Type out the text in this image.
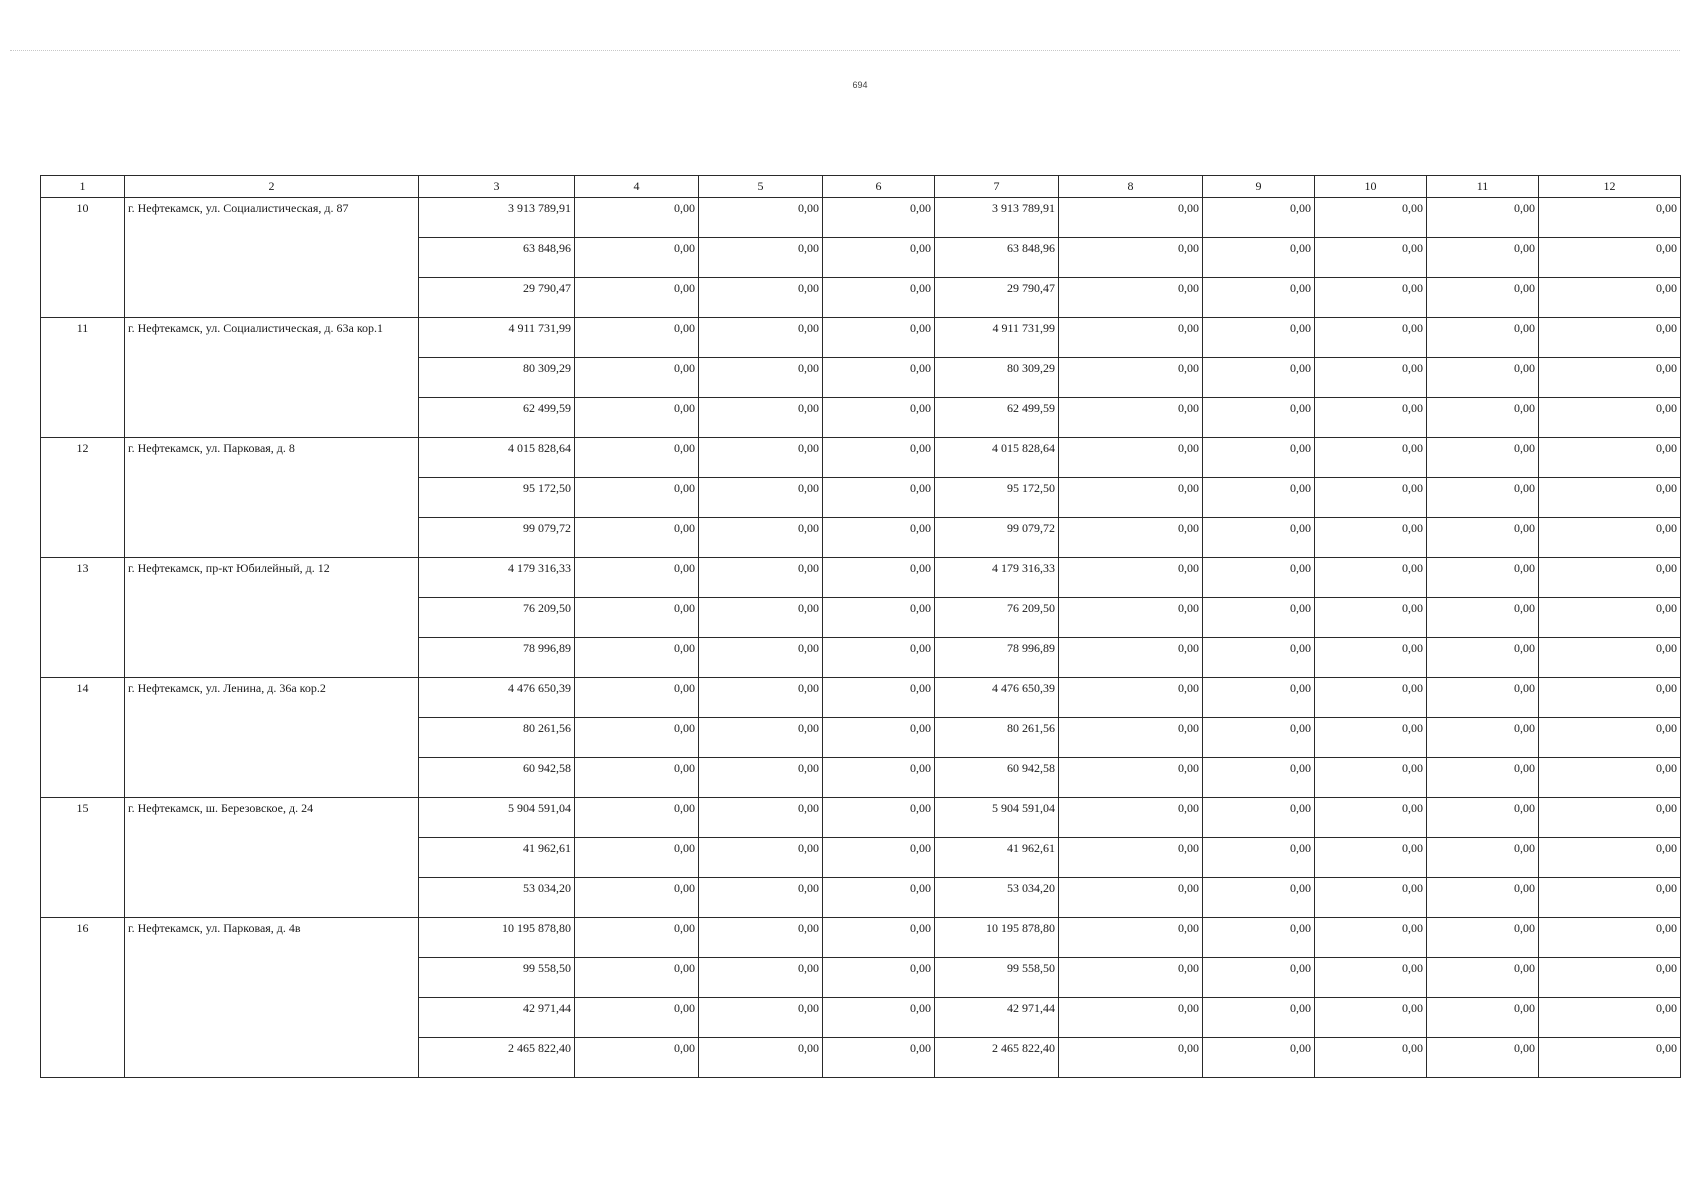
694
1	2	3	4	5	6	7	8	9	10	11	12
10	г. Нефтекамск, ул. Социалистическая, д. 87	3 913 789,91	0,00	0,00	0,00	3 913 789,91	0,00	0,00	0,00	0,00	0,00
		63 848,96	0,00	0,00	0,00	63 848,96	0,00	0,00	0,00	0,00	0,00
		29 790,47	0,00	0,00	0,00	29 790,47	0,00	0,00	0,00	0,00	0,00
11	г. Нефтекамск, ул. Социалистическая, д. 63а кор.1	4 911 731,99	0,00	0,00	0,00	4 911 731,99	0,00	0,00	0,00	0,00	0,00
		80 309,29	0,00	0,00	0,00	80 309,29	0,00	0,00	0,00	0,00	0,00
		62 499,59	0,00	0,00	0,00	62 499,59	0,00	0,00	0,00	0,00	0,00
12	г. Нефтекамск, ул. Парковая, д. 8	4 015 828,64	0,00	0,00	0,00	4 015 828,64	0,00	0,00	0,00	0,00	0,00
		95 172,50	0,00	0,00	0,00	95 172,50	0,00	0,00	0,00	0,00	0,00
		99 079,72	0,00	0,00	0,00	99 079,72	0,00	0,00	0,00	0,00	0,00
13	г. Нефтекамск, пр-кт Юбилейный, д. 12	4 179 316,33	0,00	0,00	0,00	4 179 316,33	0,00	0,00	0,00	0,00	0,00
		76 209,50	0,00	0,00	0,00	76 209,50	0,00	0,00	0,00	0,00	0,00
		78 996,89	0,00	0,00	0,00	78 996,89	0,00	0,00	0,00	0,00	0,00
14	г. Нефтекамск, ул. Ленина, д. 36а кор.2	4 476 650,39	0,00	0,00	0,00	4 476 650,39	0,00	0,00	0,00	0,00	0,00
		80 261,56	0,00	0,00	0,00	80 261,56	0,00	0,00	0,00	0,00	0,00
		60 942,58	0,00	0,00	0,00	60 942,58	0,00	0,00	0,00	0,00	0,00
15	г. Нефтекамск, ш. Березовское, д. 24	5 904 591,04	0,00	0,00	0,00	5 904 591,04	0,00	0,00	0,00	0,00	0,00
		41 962,61	0,00	0,00	0,00	41 962,61	0,00	0,00	0,00	0,00	0,00
		53 034,20	0,00	0,00	0,00	53 034,20	0,00	0,00	0,00	0,00	0,00
16	г. Нефтекамск, ул. Парковая, д. 4в	10 195 878,80	0,00	0,00	0,00	10 195 878,80	0,00	0,00	0,00	0,00	0,00
		99 558,50	0,00	0,00	0,00	99 558,50	0,00	0,00	0,00	0,00	0,00
		42 971,44	0,00	0,00	0,00	42 971,44	0,00	0,00	0,00	0,00	0,00
		2 465 822,40	0,00	0,00	0,00	2 465 822,40	0,00	0,00	0,00	0,00	0,00
